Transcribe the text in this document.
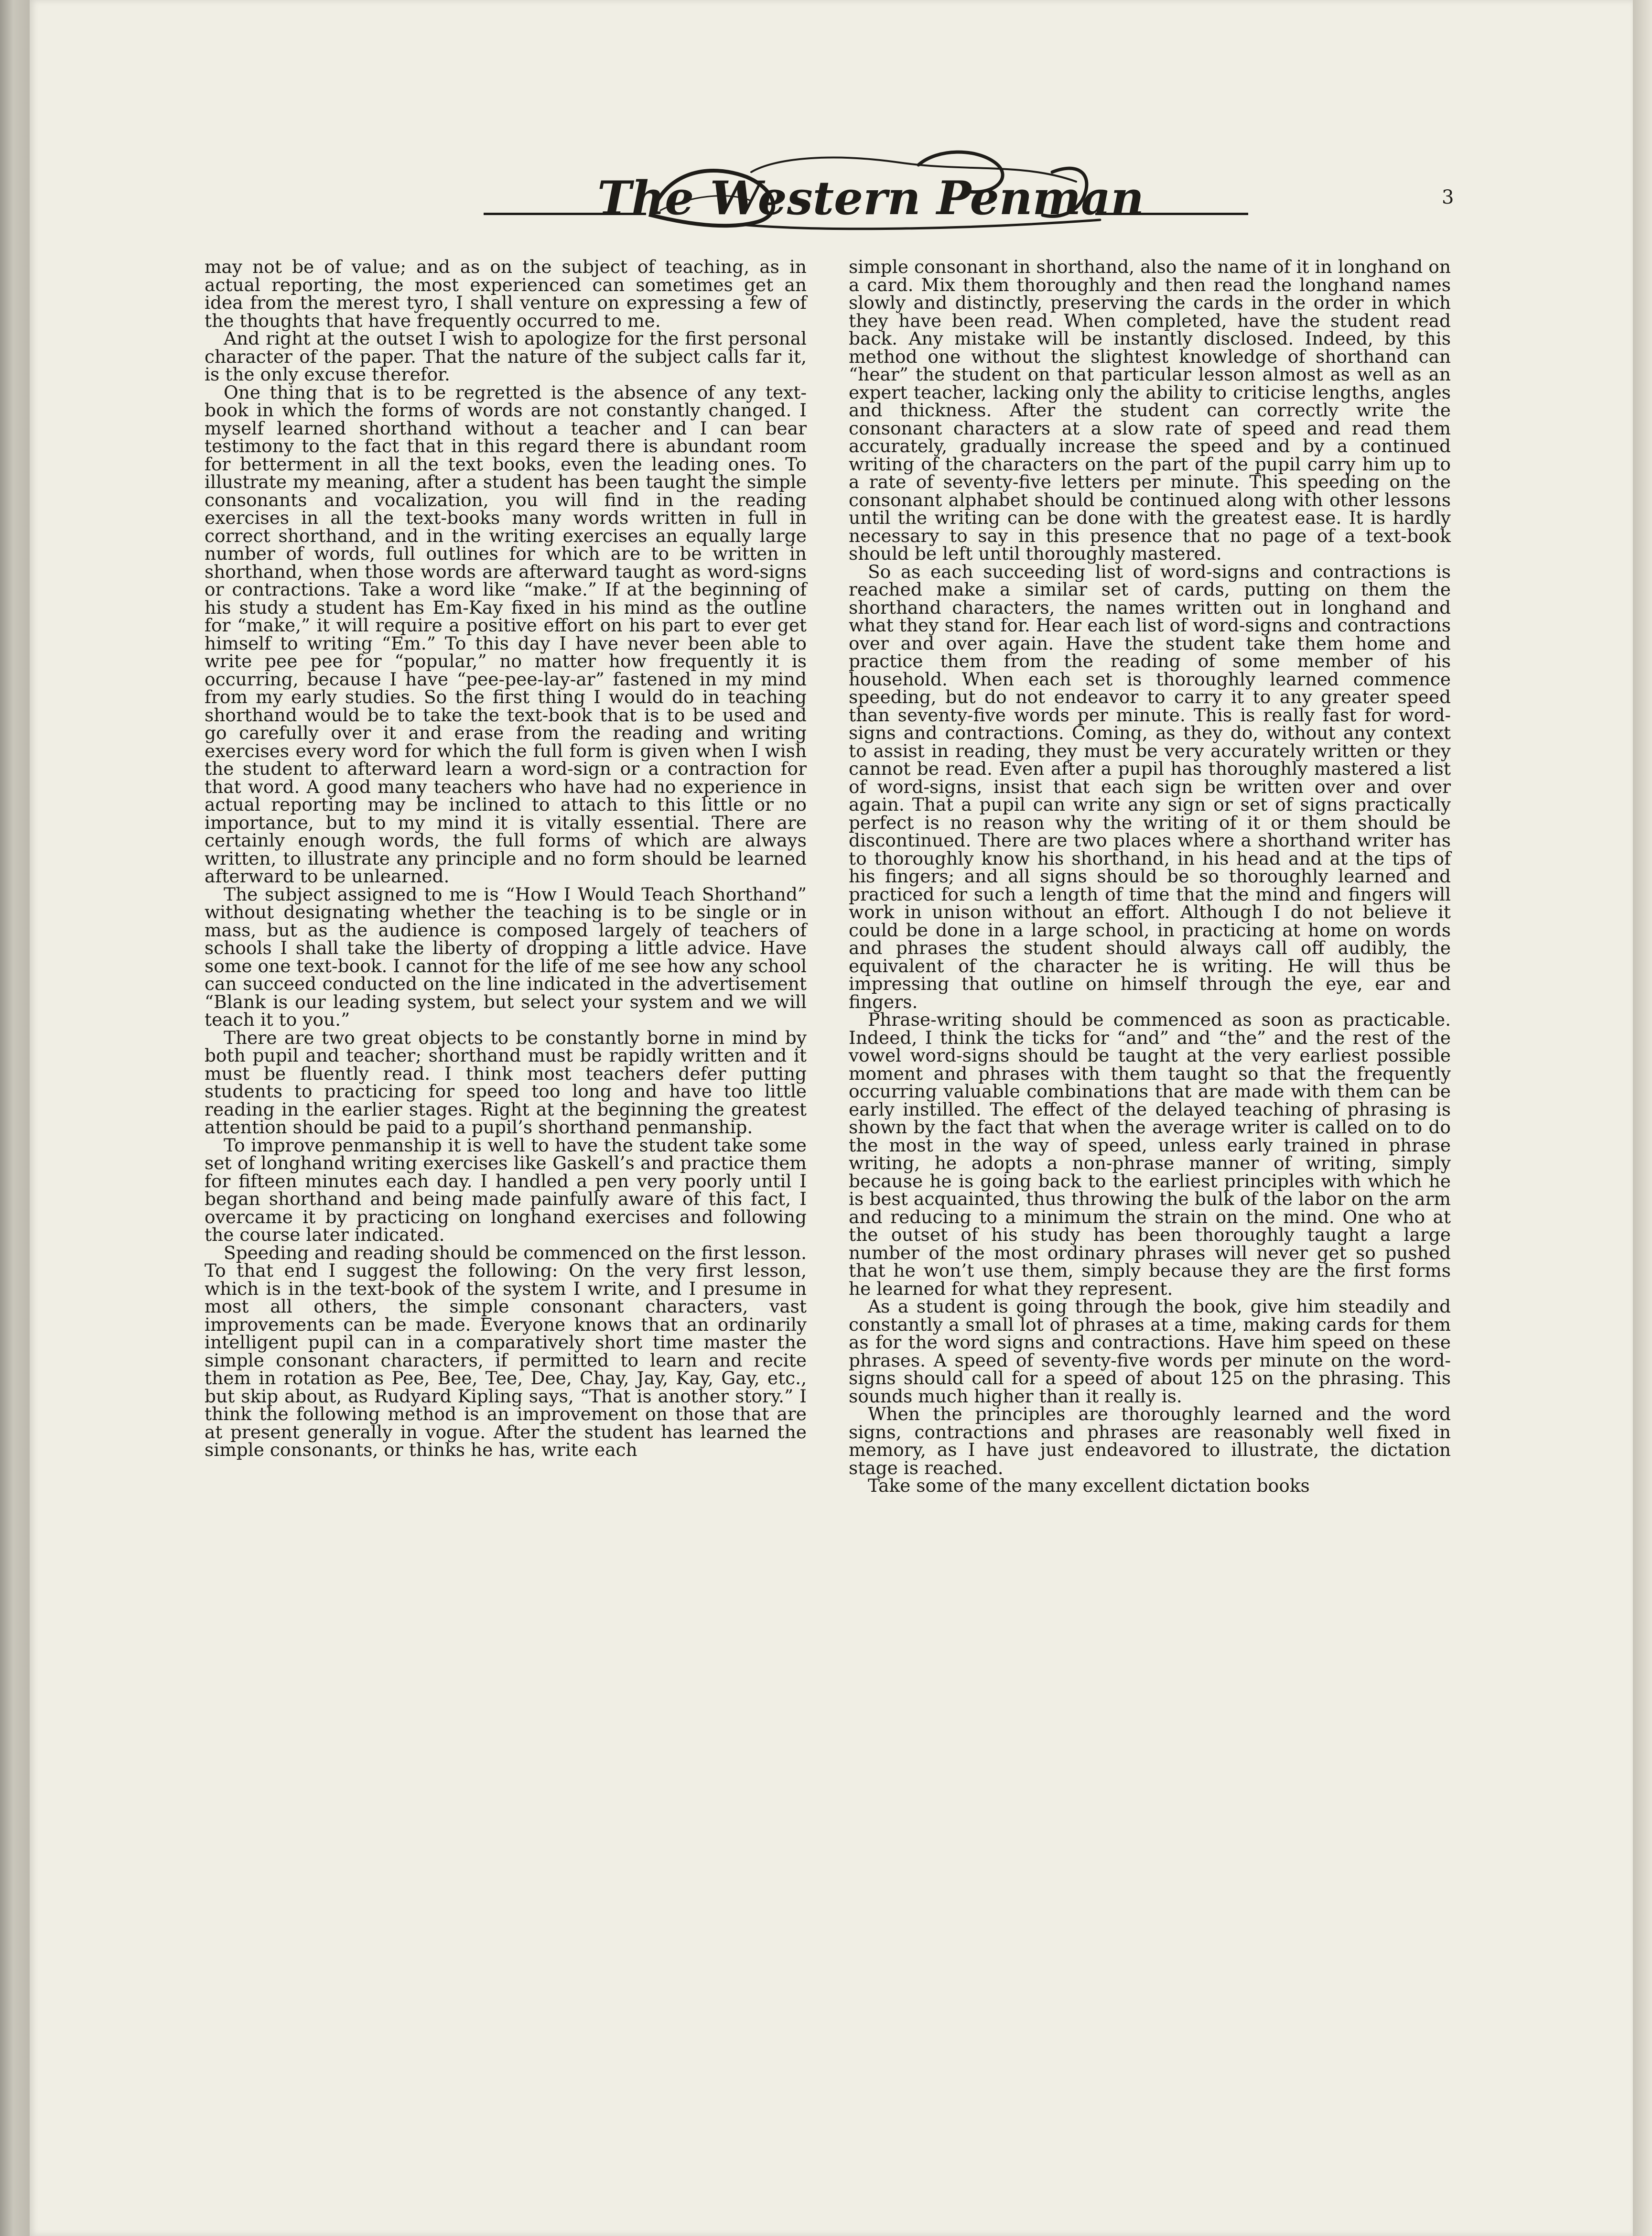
The Western Penman	3

may not be of value; and as on the subject of teaching, as in actual reporting, the most experienced can sometimes get an idea from the merest tyro, I shall venture on expressing a few of the thoughts that have frequently occurred to me.

And right at the outset I wish to apologize for the first personal character of the paper. That the nature of the subject calls far it, is the only excuse therefor.

One thing that is to be regretted is the absence of any text-book in which the forms of words are not constantly changed. I myself learned shorthand without a teacher and I can bear testimony to the fact that in this regard there is abundant room for betterment in all the text books, even the leading ones. To illustrate my meaning, after a student has been taught the simple consonants and vocalization, you will find in the reading exercises in all the text-books many words written in full in correct shorthand, and in the writing exercises an equally large number of words, full outlines for which are to be written in shorthand, when those words are afterward taught as word-signs or contractions. Take a word like “make.” If at the beginning of his study a student has Em-Kay fixed in his mind as the outline for “make,” it will require a positive effort on his part to ever get himself to writing “Em.” To this day I have never been able to write pee pee for “popular,” no matter how frequently it is occurring, because I have “pee-pee-lay-ar” fastened in my mind from my early studies. So the first thing I would do in teaching shorthand would be to take the text-book that is to be used and go carefully over it and erase from the reading and writing exercises every word for which the full form is given when I wish the student to afterward learn a word-sign or a contraction for that word. A good many teachers who have had no experience in actual reporting may be inclined to attach to this little or no importance, but to my mind it is vitally essential. There are certainly enough words, the full forms of which are always written, to illustrate any principle and no form should be learned afterward to be unlearned.

The subject assigned to me is “How I Would Teach Shorthand” without designating whether the teaching is to be single or in mass, but as the audience is composed largely of teachers of schools I shall take the liberty of dropping a little advice. Have some one text-book. I cannot for the life of me see how any school can succeed conducted on the line indicated in the advertisement “Blank is our leading system, but select your system and we will teach it to you.”

There are two great objects to be constantly borne in mind by both pupil and teacher; shorthand must be rapidly written and it must be fluently read. I think most teachers defer putting students to practicing for speed too long and have too little reading in the earlier stages. Right at the beginning the greatest attention should be paid to a pupil’s shorthand penmanship.

To improve penmanship it is well to have the student take some set of longhand writing exercises like Gaskell’s and practice them for fifteen minutes each day. I handled a pen very poorly until I began shorthand and being made painfully aware of this fact, I overcame it by practicing on longhand exercises and following the course later indicated.

Speeding and reading should be commenced on the first lesson. To that end I suggest the following: On the very first lesson, which is in the text-book of the system I write, and I presume in most all others, the simple consonant characters, vast improvements can be made. Everyone knows that an ordinarily intelligent pupil can in a comparatively short time master the simple consonant characters, if permitted to learn and recite them in rotation as Pee, Bee, Tee, Dee, Chay, Jay, Kay, Gay, etc., but skip about, as Rudyard Kipling says, “That is another story.” I think the following method is an improvement on those that are at present generally in vogue. After the student has learned the simple consonants, or thinks he has, write each

simple consonant in shorthand, also the name of it in longhand on a card. Mix them thoroughly and then read the longhand names slowly and distinctly, preserving the cards in the order in which they have been read. When completed, have the student read back. Any mistake will be instantly disclosed. Indeed, by this method one without the slightest knowledge of shorthand can “hear” the student on that particular lesson almost as well as an expert teacher, lacking only the ability to criticise lengths, angles and thickness. After the student can correctly write the consonant characters at a slow rate of speed and read them accurately, gradually increase the speed and by a continued writing of the characters on the part of the pupil carry him up to a rate of seventy-five letters per minute. This speeding on the consonant alphabet should be continued along with other lessons until the writing can be done with the greatest ease. It is hardly necessary to say in this presence that no page of a text-book should be left until thoroughly mastered.

So as each succeeding list of word-signs and contractions is reached make a similar set of cards, putting on them the shorthand characters, the names written out in longhand and what they stand for. Hear each list of word-signs and contractions over and over again. Have the student take them home and practice them from the reading of some member of his household. When each set is thoroughly learned commence speeding, but do not endeavor to carry it to any greater speed than seventy-five words per minute. This is really fast for word-signs and contractions. Coming, as they do, without any context to assist in reading, they must be very accurately written or they cannot be read. Even after a pupil has thoroughly mastered a list of word-signs, insist that each sign be written over and over again. That a pupil can write any sign or set of signs practically perfect is no reason why the writing of it or them should be discontinued. There are two places where a shorthand writer has to thoroughly know his shorthand, in his head and at the tips of his fingers; and all signs should be so thoroughly learned and practiced for such a length of time that the mind and fingers will work in unison without an effort. Although I do not believe it could be done in a large school, in practicing at home on words and phrases the student should always call off audibly, the equivalent of the character he is writing. He will thus be impressing that outline on himself through the eye, ear and fingers.

Phrase-writing should be commenced as soon as practicable. Indeed, I think the ticks for “and” and “the” and the rest of the vowel word-signs should be taught at the very earliest possible moment and phrases with them taught so that the frequently occurring valuable combinations that are made with them can be early instilled. The effect of the delayed teaching of phrasing is shown by the fact that when the average writer is called on to do the most in the way of speed, unless early trained in phrase writing, he adopts a non-phrase manner of writing, simply because he is going back to the earliest principles with which he is best acquainted, thus throwing the bulk of the labor on the arm and reducing to a minimum the strain on the mind. One who at the outset of his study has been thoroughly taught a large number of the most ordinary phrases will never get so pushed that he won’t use them, simply because they are the first forms he learned for what they represent.

As a student is going through the book, give him steadily and constantly a small lot of phrases at a time, making cards for them as for the word signs and contractions. Have him speed on these phrases. A speed of seventy-five words per minute on the word-signs should call for a speed of about 125 on the phrasing. This sounds much higher than it really is.

When the principles are thoroughly learned and the word signs, contractions and phrases are reasonably well fixed in memory, as I have just endeavored to illustrate, the dictation stage is reached.

Take some of the many excellent dictation books
